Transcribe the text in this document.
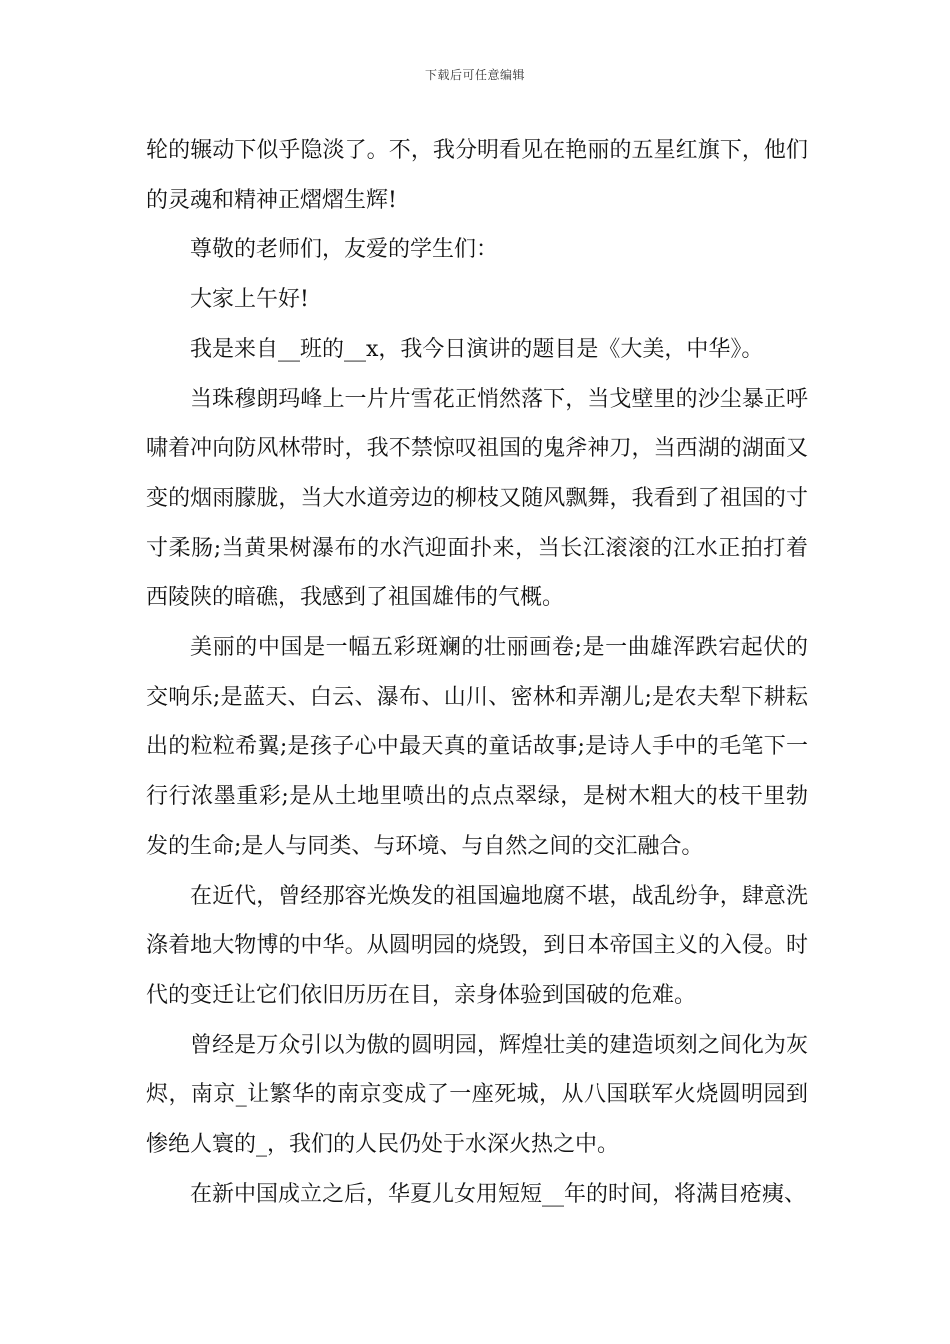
下载后可任意编辑

轮的辗动下似乎隐淡了。不，我分明看见在艳丽的五星红旗下，他们的灵魂和精神正熠熠生辉!

尊敬的老师们，友爱的学生们：

大家上午好!

我是来自__班的__x，我今日演讲的题目是《大美，中华》。

当珠穆朗玛峰上一片片雪花正悄然落下，当戈壁里的沙尘暴正呼啸着冲向防风林带时，我不禁惊叹祖国的鬼斧神刀，当西湖的湖面又变的烟雨朦胧，当大水道旁边的柳枝又随风飘舞，我看到了祖国的寸寸柔肠;当黄果树瀑布的水汽迎面扑来，当长江滚滚的江水正拍打着西陵陕的暗礁，我感到了祖国雄伟的气概。

美丽的中国是一幅五彩斑斓的壮丽画卷;是一曲雄浑跌宕起伏的交响乐;是蓝天、白云、瀑布、山川、密林和弄潮儿;是农夫犁下耕耘出的粒粒希翼;是孩子心中最天真的童话故事;是诗人手中的毛笔下一行行浓墨重彩;是从土地里喷出的点点翠绿，是树木粗大的枝干里勃发的生命;是人与同类、与环境、与自然之间的交汇融合。

在近代，曾经那容光焕发的祖国遍地腐不堪，战乱纷争，肆意洗涤着地大物博的中华。从圆明园的烧毁，到日本帝国主义的入侵。时代的变迁让它们依旧历历在目，亲身体验到国破的危难。

曾经是万众引以为傲的圆明园，辉煌壮美的建造顷刻之间化为灰烬，南京_让繁华的南京变成了一座死城，从八国联军火烧圆明园到惨绝人寰的_，我们的人民仍处于水深火热之中。

在新中国成立之后，华夏儿女用短短__年的时间，将满目疮痍、
